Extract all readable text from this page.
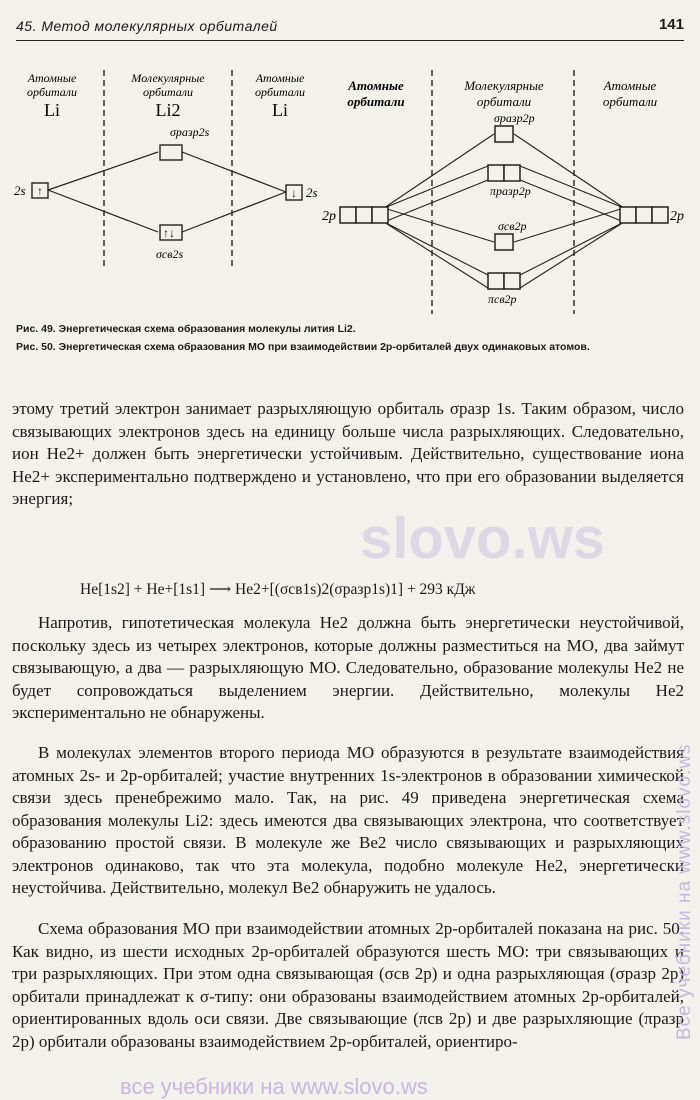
45. Метод молекулярных орбиталей	141
Атомные
орбитали
Li
Молекулярные
орбитали
Li2
Атомные
орбитали
Li
↑	↓
↑↓
2s	2s
σразр2s
σсв2s
Атомные
орбитали
Молекулярные
орбитали
Атомные
орбитали
2p	2p
σразр2p
πразр2p
σсв2p
πсв2p
Рис. 49. Энергетическая схема образования молекулы лития Li2.
Рис. 50. Энергетическая схема образования МО при взаимодействии 2p-орбиталей двух одинаковых атомов.

этому третий электрон занимает разрыхляющую орбиталь σразр 1s. Таким образом, число связывающих электронов здесь на единицу больше числа разрыхляющих. Следовательно, ион He2+ должен быть энергетически устойчивым. Действительно, существование иона He2+ экспериментально подтверждено и установлено, что при его образовании выделяется энергия;

He[1s2] + He+[1s1] ⟶ He2+[(σсв1s)2(σразр1s)1] + 293 кДж

Напротив, гипотетическая молекула He2 должна быть энергетически неустойчивой, поскольку здесь из четырех электронов, которые должны разместиться на МО, два займут связывающую, а два — разрыхляющую МО. Следовательно, образование молекулы He2 не будет сопровождаться выделением энергии. Действительно, молекулы He2 экспериментально не обнаружены.

В молекулах элементов второго периода МО образуются в результате взаимодействия атомных 2s- и 2p-орбиталей; участие внутренних 1s-электронов в образовании химической связи здесь пренебрежимо мало. Так, на рис. 49 приведена энергетическая схема образования молекулы Li2: здесь имеются два связывающих электрона, что соответствует образованию простой связи. В молекуле же Be2 число связывающих и разрыхляющих электронов одинаково, так что эта молекула, подобно молекуле He2, энергетически неустойчива. Действительно, молекул Be2 обнаружить не удалось.

Схема образования МО при взаимодействии атомных 2p-орбиталей показана на рис. 50. Как видно, из шести исходных 2p-орбиталей образуются шесть МО: три связывающих и три разрыхляющих. При этом одна связывающая (σсв 2p) и одна разрыхляющая (σразр 2p) орбитали принадлежат к σ-типу: они образованы взаимодействием атомных 2p-орбиталей, ориентированных вдоль оси связи. Две связывающие (πсв 2p) и две разрыхляющие (πразр 2p) орбитали образованы взаимодействием 2p-орбиталей, ориентиро-

Все учебники на www.slovo.ws
slovo.ws
все учебники на www.slovo.ws
